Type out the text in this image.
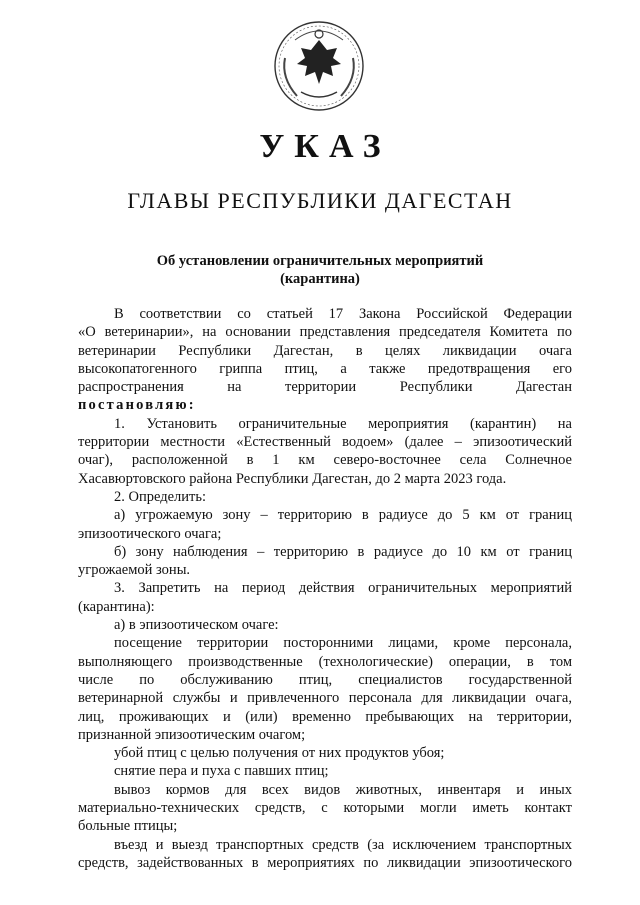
УКАЗ
ГЛАВЫ РЕСПУБЛИКИ ДАГЕСТАН
Об установлении ограничительных мероприятий
(карантина)
В соответствии со статьей 17 Закона Российской Федерации
«О ветеринарии», на основании представления председателя Комитета по
ветеринарии Республики Дагестан, в целях ликвидации очага
высокопатогенного гриппа птиц, а также предотвращения его
распространения на территории Республики Дагестан
постановляю:
1. Установить ограничительные мероприятия (карантин) на
территории местности «Естественный водоем» (далее – эпизоотический
очаг), расположенной в 1 км северо-восточнее села Солнечное
Хасавюртовского района Республики Дагестан, до 2 марта 2023 года.
2. Определить:
а) угрожаемую зону – территорию в радиусе до 5 км от границ
эпизоотического очага;
б) зону наблюдения – территорию в радиусе до 10 км от границ
угрожаемой зоны.
3. Запретить на период действия ограничительных мероприятий
(карантина):
а) в эпизоотическом очаге:
посещение территории посторонними лицами, кроме персонала,
выполняющего производственные (технологические) операции, в том
числе по обслуживанию птиц, специалистов государственной
ветеринарной службы и привлеченного персонала для ликвидации очага,
лиц, проживающих и (или) временно пребывающих на территории,
признанной эпизоотическим очагом;
убой птиц с целью получения от них продуктов убоя;
снятие пера и пуха с павших птиц;
вывоз кормов для всех видов животных, инвентаря и иных
материально-технических средств, с которыми могли иметь контакт
больные птицы;
въезд и выезд транспортных средств (за исключением транспортных
средств, задействованных в мероприятиях по ликвидации эпизоотического
